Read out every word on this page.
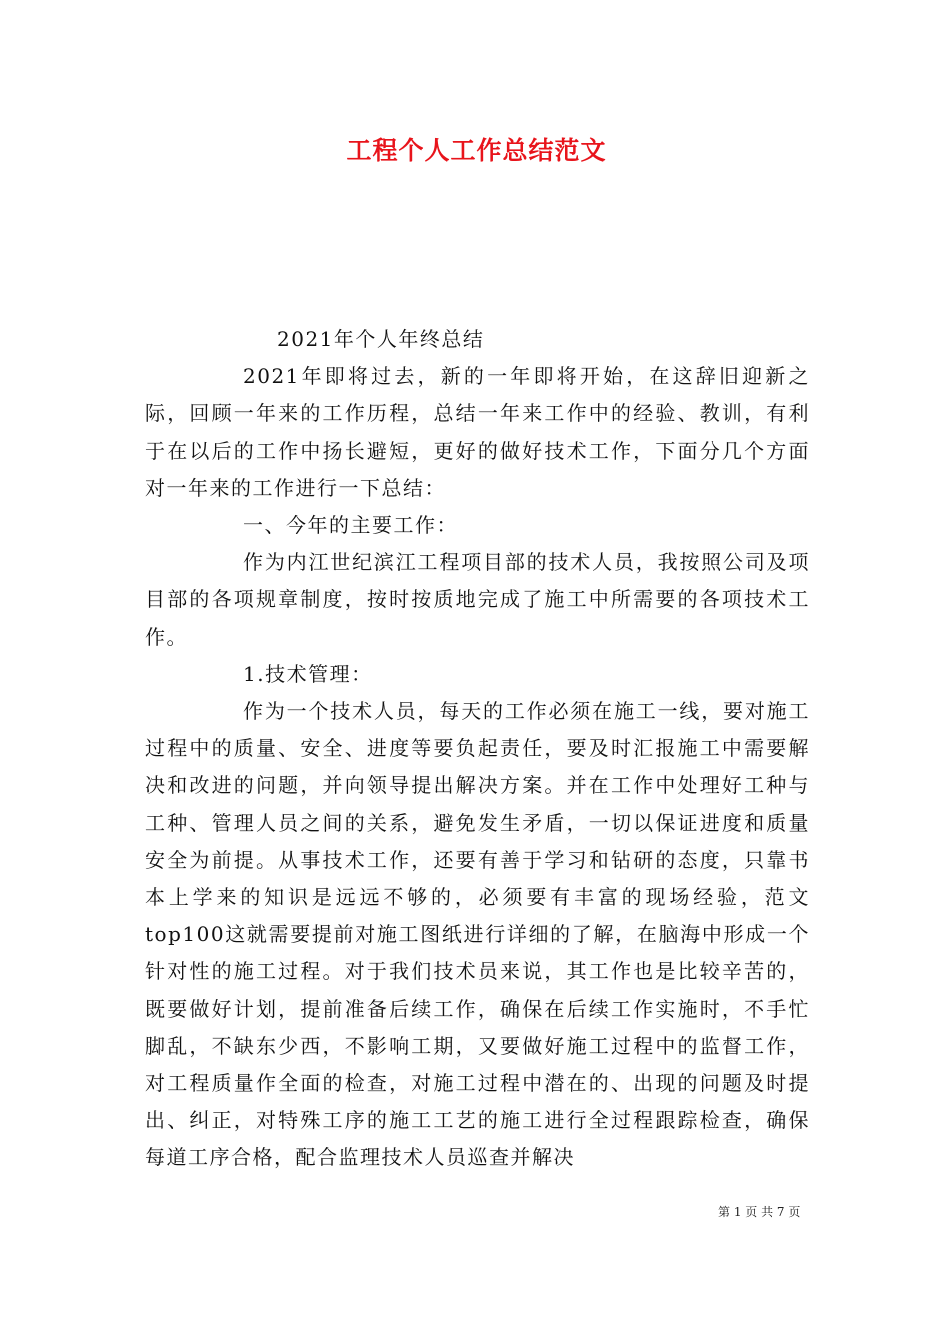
工程个人工作总结范文

2021年个人年终总结

2021年即将过去，新的一年即将开始，在这辞旧迎新之际，回顾一年来的工作历程，总结一年来工作中的经验、教训，有利于在以后的工作中扬长避短，更好的做好技术工作，下面分几个方面对一年来的工作进行一下总结：

一、今年的主要工作：

作为内江世纪滨江工程项目部的技术人员，我按照公司及项目部的各项规章制度，按时按质地完成了施工中所需要的各项技术工作。

1.技术管理：

作为一个技术人员，每天的工作必须在施工一线，要对施工过程中的质量、安全、进度等要负起责任，要及时汇报施工中需要解决和改进的问题，并向领导提出解决方案。并在工作中处理好工种与工种、管理人员之间的关系，避免发生矛盾，一切以保证进度和质量安全为前提。从事技术工作，还要有善于学习和钻研的态度，只靠书本上学来的知识是远远不够的，必须要有丰富的现场经验，范文top100这就需要提前对施工图纸进行详细的了解，在脑海中形成一个针对性的施工过程。对于我们技术员来说，其工作也是比较辛苦的，既要做好计划，提前准备后续工作，确保在后续工作实施时，不手忙脚乱，不缺东少西，不影响工期，又要做好施工过程中的监督工作，对工程质量作全面的检查，对施工过程中潜在的、出现的问题及时提出、纠正，对特殊工序的施工工艺的施工进行全过程跟踪检查，确保每道工序合格，配合监理技术人员巡查并解决

第 1 页 共 7 页
